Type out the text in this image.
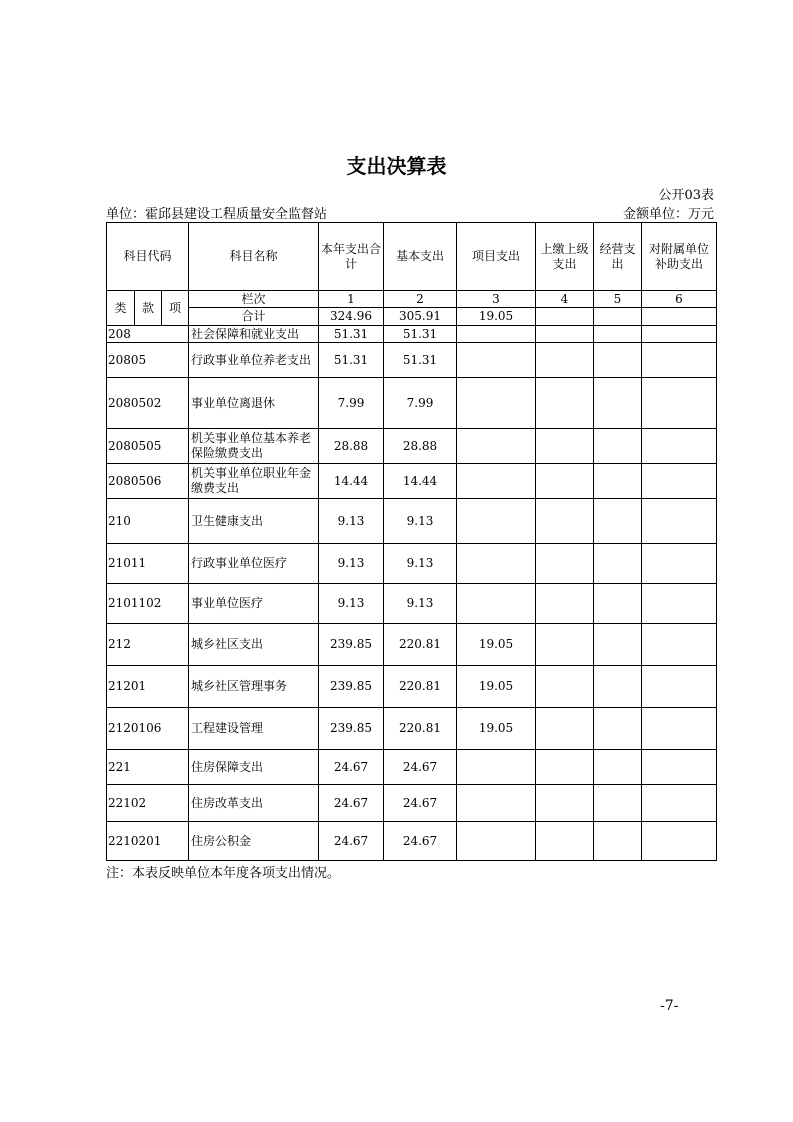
支出决算表
公开03表
单位：霍邱县建设工程质量安全监督站	金额单位：万元
科目代码			科目名称	本年支出合计	基本支出	项目支出	上缴上级支出	经营支出	对附属单位补助支出
类	款	项	栏次	1	2	3	4	5	6
			合计	324.96	305.91	19.05			
208			社会保障和就业支出	51.31	51.31				
20805			行政事业单位养老支出	51.31	51.31				
2080502			事业单位离退休	7.99	7.99				
2080505			机关事业单位基本养老保险缴费支出	28.88	28.88				
2080506			机关事业单位职业年金缴费支出	14.44	14.44				
210			卫生健康支出	9.13	9.13				
21011			行政事业单位医疗	9.13	9.13				
2101102			事业单位医疗	9.13	9.13				
212			城乡社区支出	239.85	220.81	19.05			
21201			城乡社区管理事务	239.85	220.81	19.05			
2120106			工程建设管理	239.85	220.81	19.05			
221			住房保障支出	24.67	24.67				
22102			住房改革支出	24.67	24.67				
2210201			住房公积金	24.67	24.67				
注：本表反映单位本年度各项支出情况。
-7-
